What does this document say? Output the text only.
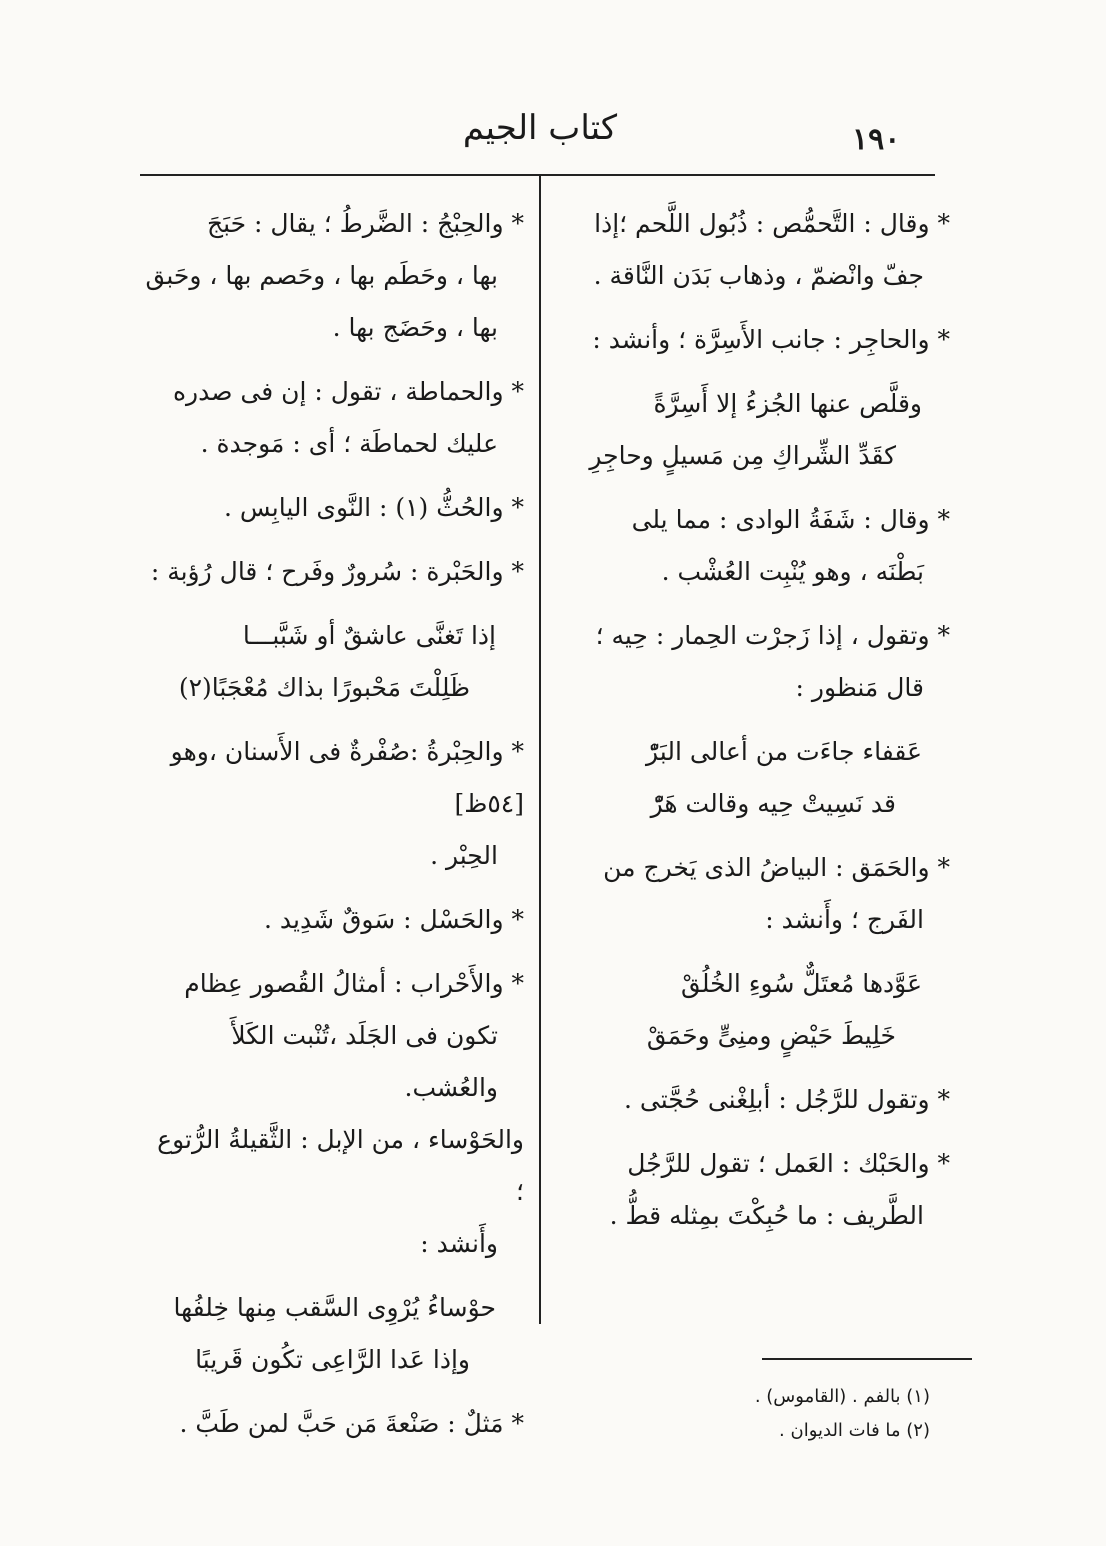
١٩٠
كتاب الجيم

* وقال : التَّحمُّص : ذُبُول اللَّحم ؛إذا

جفّ وانْضمّ ، وذهاب بَدَن النَّاقة .

* والحاجِر : جانب الأَسِرَّة ؛ وأنشد :

وقلَّص عنها الجُزءُ إلا أَسِرَّةً

كقَدِّ الشِّراكِ مِن مَسيلٍ وحاجِرِ

* وقال : شَفَةُ الوادى : مما يلى

بَطْنَه ، وهو يُنْبِت العُشْب .

* وتقول ، إذا زَجرْت الحِمار : حِيه ؛

قال مَنظور :

عَقفاء جاءَت من أعالى البَرّْ

قد نَسِيتْ حِيه وقالت هَرّْ

* والحَمَق : البياضُ الذى يَخرج من

الفَرج ؛ وأَنشد :

عَوَّدها مُعتَلٌّ سُوءِ الخُلُقْ

خَلِيطَ حَيْضٍ ومنِىٍّ وحَمَقْ

* وتقول للرَّجُل : أبلِغْنى حُجَّتى .

* والحَبْك : العَمل ؛ تقول للرَّجُل

الطَّريف : ما حُبِكْتَ بمِثله قطُّ .

* والحِبْجُ : الضَّرطُ ؛ يقال : حَبَجَ

بها ، وحَطَم بها ، وحَصم بها ، وحَبق

بها ، وحَضَج بها .

* والحماطة ، تقول : إن فى صدره

عليك لحماطَة ؛ أى : مَوجدة .

* والحُثُّ (١) : النَّوى اليابِس .

* والحَبْرة : سُرورٌ وفَرح ؛ قال رُؤبة :

إذا تَغنَّى عاشقٌ أو شَبَّبـــا

ظَلِلْتَ مَحْبورًا بذاك مُعْجَبًا(٢)

* والحِبْرةُ :صُفْرةٌ فى الأَسنان ،وهو [٥٤ظ]

الحِبْر .

* والحَسْل : سَوقٌ شَدِيد .

* والأَحْراب : أمثالُ القُصور عِظام

تكون فى الجَلَد ،تُنْبت الكَلأَ والعُشب.

والحَوْساء ، من الإبل : الثَّقيلةُ الرُّتوع ؛

وأَنشد :

حوْساءُ يُرْوِى السَّقب مِنها خِلفُها

وإذا عَدا الرَّاعِى تكُون قَريبًا

* مَثلٌ : صَنْعةَ مَن حَبَّ لمن طَبَّ .

(١) بالفم . (القاموس) .

(٢) ما فات الديوان .
